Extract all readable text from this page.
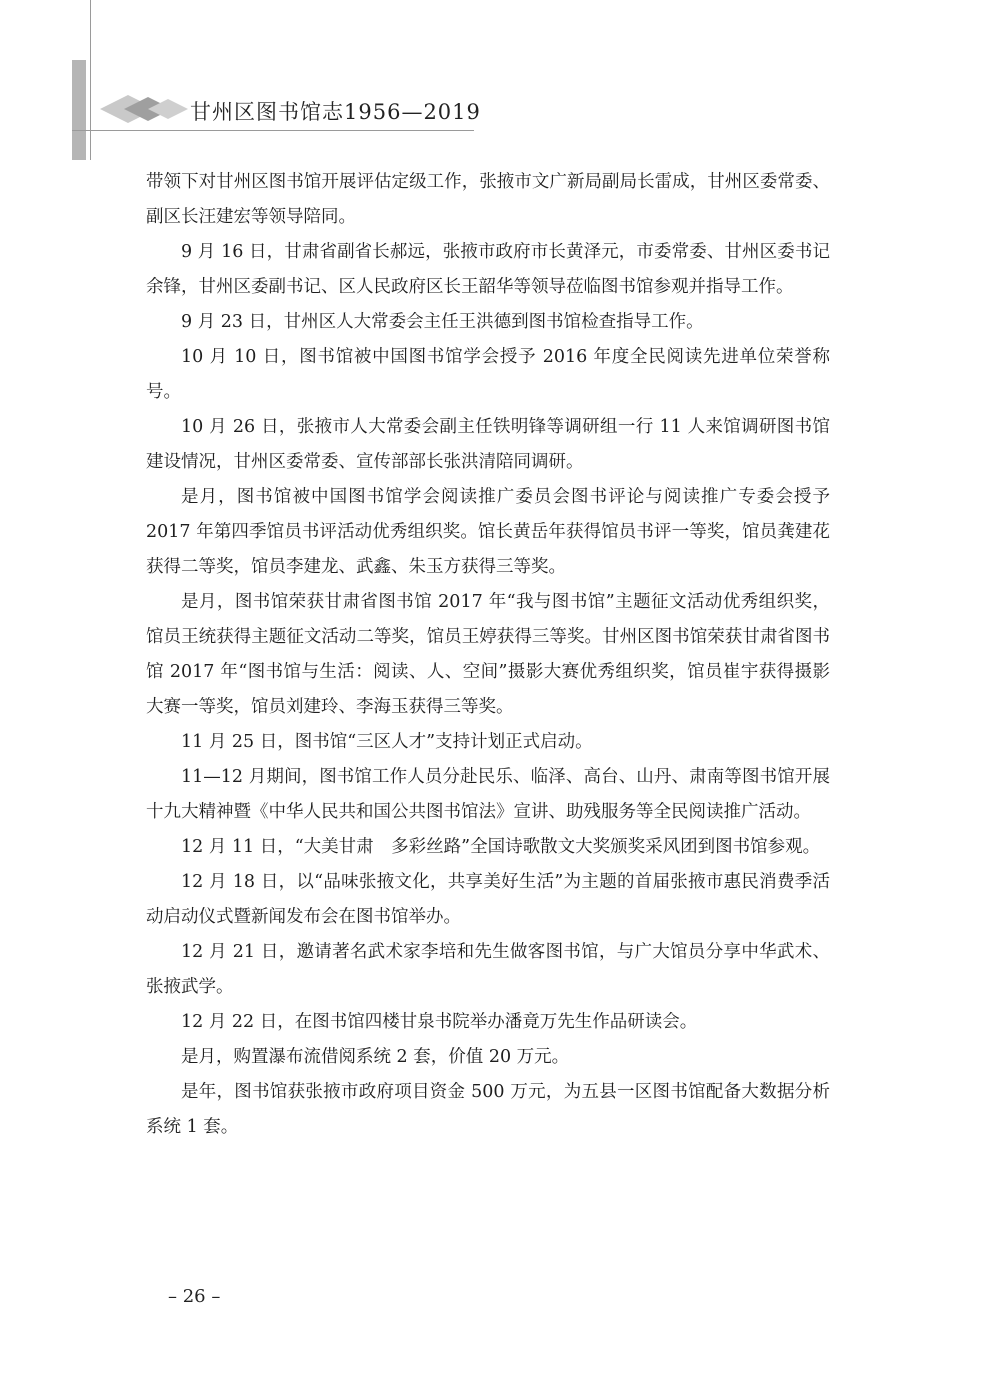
甘州区图书馆志1956—2019

带领下对甘州区图书馆开展评估定级工作，张掖市文广新局副局长雷成，甘州区委常委、副区长汪建宏等领导陪同。

9 月 16 日，甘肃省副省长郝远，张掖市政府市长黄泽元，市委常委、甘州区委书记余锋，甘州区委副书记、区人民政府区长王韶华等领导莅临图书馆参观并指导工作。

9 月 23 日，甘州区人大常委会主任王洪德到图书馆检查指导工作。

10 月 10 日，图书馆被中国图书馆学会授予 2016 年度全民阅读先进单位荣誉称号。

10 月 26 日，张掖市人大常委会副主任铁明锋等调研组一行 11 人来馆调研图书馆建设情况，甘州区委常委、宣传部部长张洪清陪同调研。

是月，图书馆被中国图书馆学会阅读推广委员会图书评论与阅读推广专委会授予 2017 年第四季馆员书评活动优秀组织奖。馆长黄岳年获得馆员书评一等奖，馆员龚建花获得二等奖，馆员李建龙、武鑫、朱玉方获得三等奖。

是月，图书馆荣获甘肃省图书馆 2017 年“我与图书馆”主题征文活动优秀组织奖，馆员王统获得主题征文活动二等奖，馆员王婷获得三等奖。甘州区图书馆荣获甘肃省图书馆 2017 年“图书馆与生活：阅读、人、空间”摄影大赛优秀组织奖，馆员崔宇获得摄影大赛一等奖，馆员刘建玲、李海玉获得三等奖。

11 月 25 日，图书馆“三区人才”支持计划正式启动。

11—12 月期间，图书馆工作人员分赴民乐、临泽、高台、山丹、肃南等图书馆开展十九大精神暨《中华人民共和国公共图书馆法》宣讲、助残服务等全民阅读推广活动。

12 月 11 日，“大美甘肃　多彩丝路”全国诗歌散文大奖颁奖采风团到图书馆参观。

12 月 18 日，以“品味张掖文化，共享美好生活”为主题的首届张掖市惠民消费季活动启动仪式暨新闻发布会在图书馆举办。

12 月 21 日，邀请著名武术家李培和先生做客图书馆，与广大馆员分享中华武术、张掖武学。

12 月 22 日，在图书馆四楼甘泉书院举办潘竟万先生作品研读会。

是月，购置瀑布流借阅系统 2 套，价值 20 万元。

是年，图书馆获张掖市政府项目资金 500 万元，为五县一区图书馆配备大数据分析系统 1 套。

– 26 –
